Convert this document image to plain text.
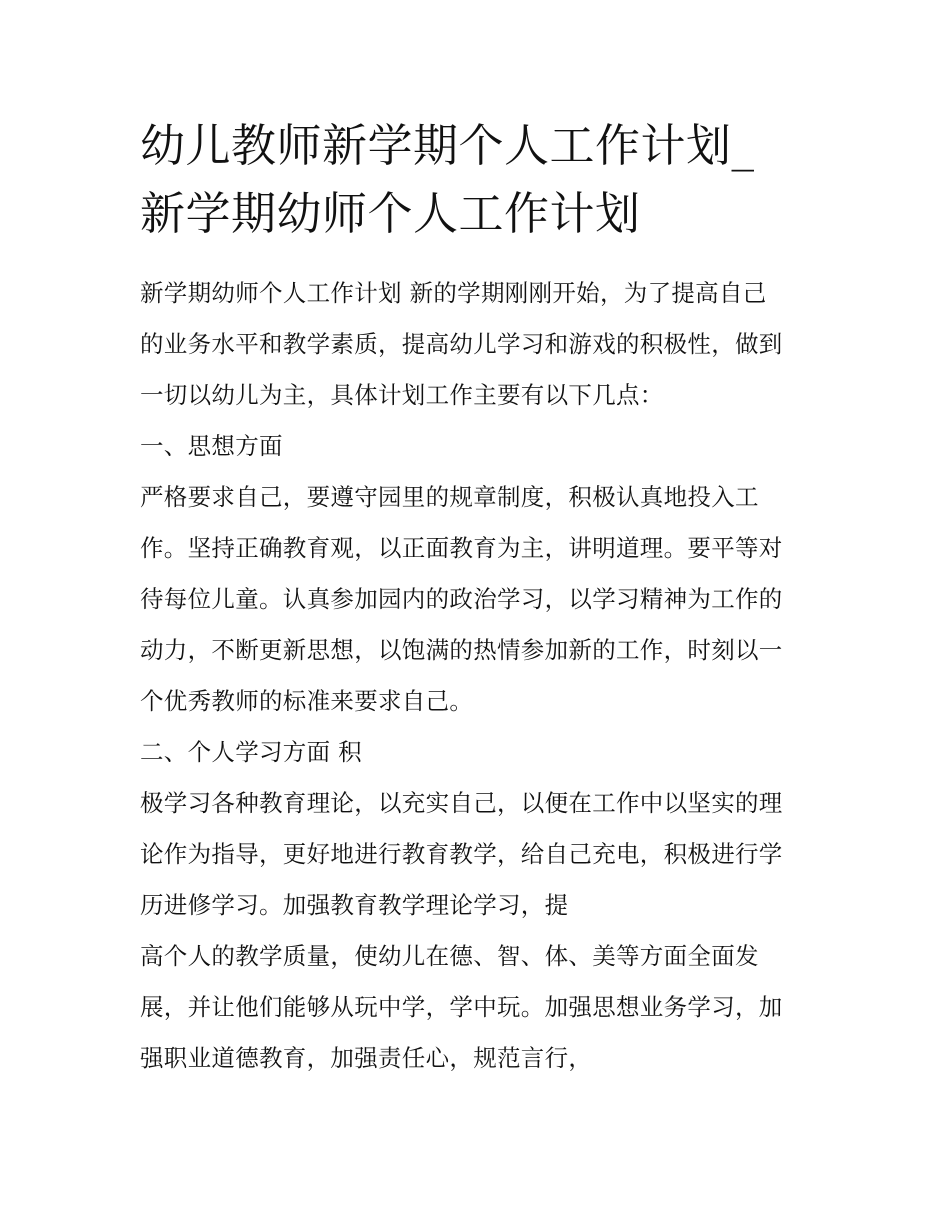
幼儿教师新学期个人工作计划_
新学期幼师个人工作计划
新学期幼师个人工作计划 新的学期刚刚开始，为了提高自己
的业务水平和教学素质，提高幼儿学习和游戏的积极性，做到
一切以幼儿为主，具体计划工作主要有以下几点：
一、思想方面
严格要求自己，要遵守园里的规章制度，积极认真地投入工
作。坚持正确教育观，以正面教育为主，讲明道理。要平等对
待每位儿童。认真参加园内的政治学习，以学习精神为工作的
动力，不断更新思想，以饱满的热情参加新的工作，时刻以一
个优秀教师的标准来要求自己。
二、个人学习方面 积
极学习各种教育理论，以充实自己，以便在工作中以坚实的理
论作为指导，更好地进行教育教学，给自己充电，积极进行学
历进修学习。加强教育教学理论学习，提
高个人的教学质量，使幼儿在德、智、体、美等方面全面发
展，并让他们能够从玩中学，学中玩。加强思想业务学习，加
强职业道德教育，加强责任心，规范言行，
